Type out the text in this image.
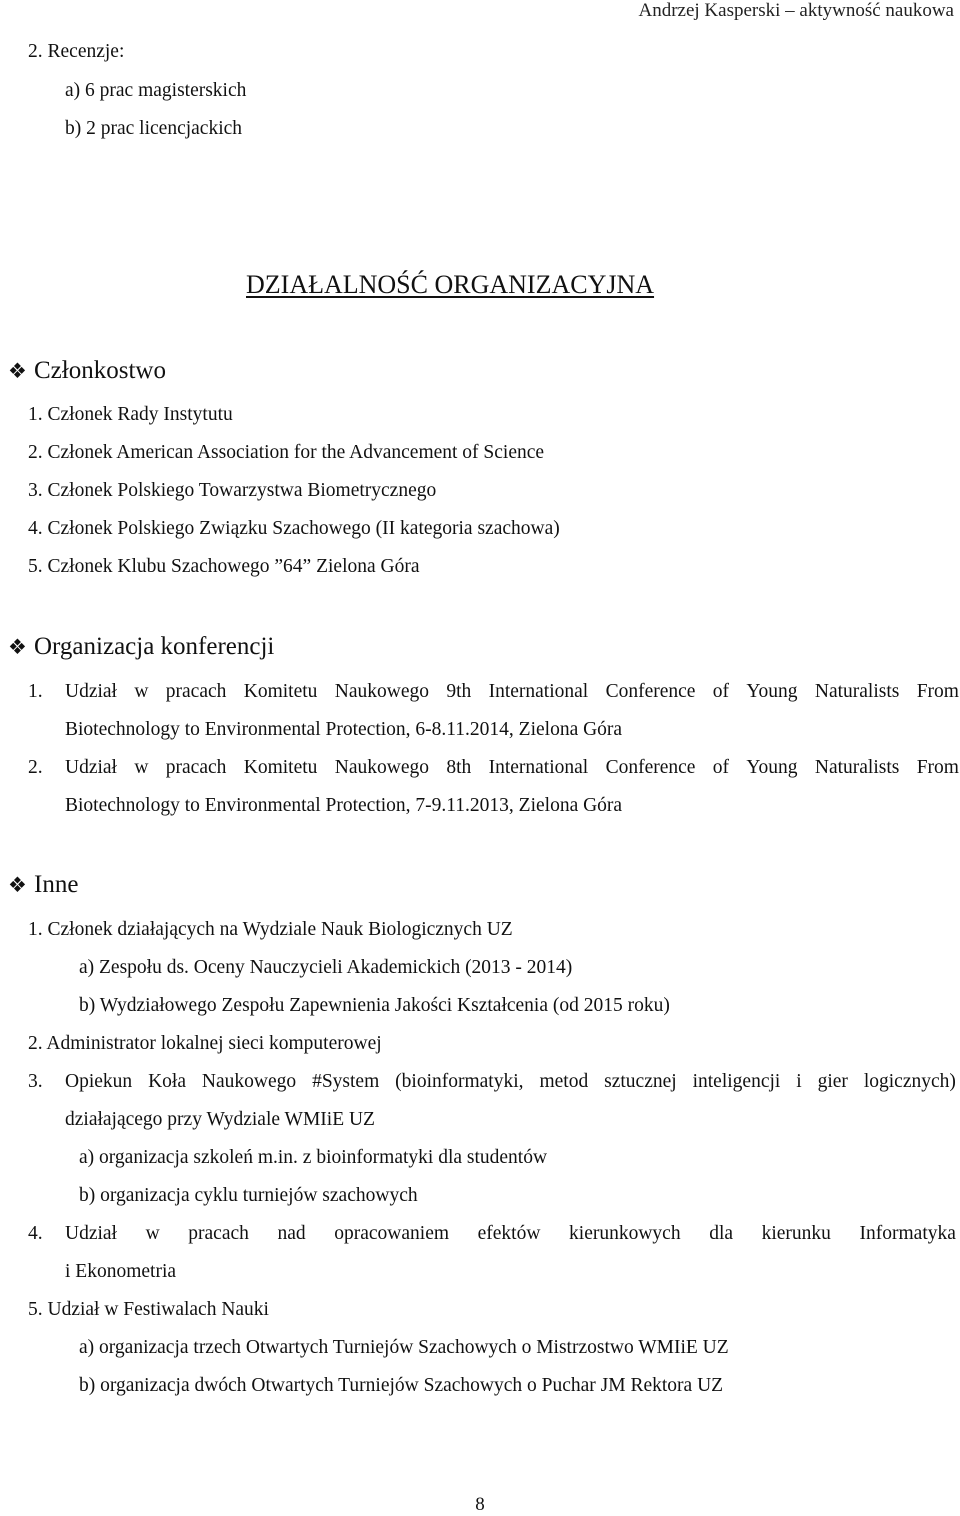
Andrzej Kasperski – aktywność naukowa
2. Recenzje:
a) 6 prac magisterskich
b) 2 prac licencjackich
DZIAŁALNOŚĆ ORGANIZACYJNA
❖ Członkostwo
1. Członek Rady Instytutu
2. Członek American Association for the Advancement of Science
3. Członek Polskiego Towarzystwa Biometrycznego
4. Członek Polskiego Związku Szachowego (II kategoria szachowa)
5. Członek Klubu Szachowego ”64” Zielona Góra
❖ Organizacja konferencji
1. Udział w pracach Komitetu Naukowego 9th International Conference of Young Naturalists From
Biotechnology to Environmental Protection, 6-8.11.2014, Zielona Góra
2. Udział w pracach Komitetu Naukowego 8th International Conference of Young Naturalists From
Biotechnology to Environmental Protection, 7-9.11.2013, Zielona Góra
❖ Inne
1. Członek działających na Wydziale Nauk Biologicznych UZ
a) Zespołu ds. Oceny Nauczycieli Akademickich (2013 - 2014)
b) Wydziałowego Zespołu Zapewnienia Jakości Kształcenia (od 2015 roku)
2. Administrator lokalnej sieci komputerowej
3. Opiekun Koła Naukowego #System (bioinformatyki, metod sztucznej inteligencji i gier logicznych)
działającego przy Wydziale WMIiE UZ
a) organizacja szkoleń m.in. z bioinformatyki dla studentów
b) organizacja cyklu turniejów szachowych
4. Udział w pracach nad opracowaniem efektów kierunkowych dla kierunku Informatyka
i Ekonometria
5. Udział w Festiwalach Nauki
a) organizacja trzech Otwartych Turniejów Szachowych o Mistrzostwo WMIiE UZ
b) organizacja dwóch Otwartych Turniejów Szachowych o Puchar JM Rektora UZ
8
